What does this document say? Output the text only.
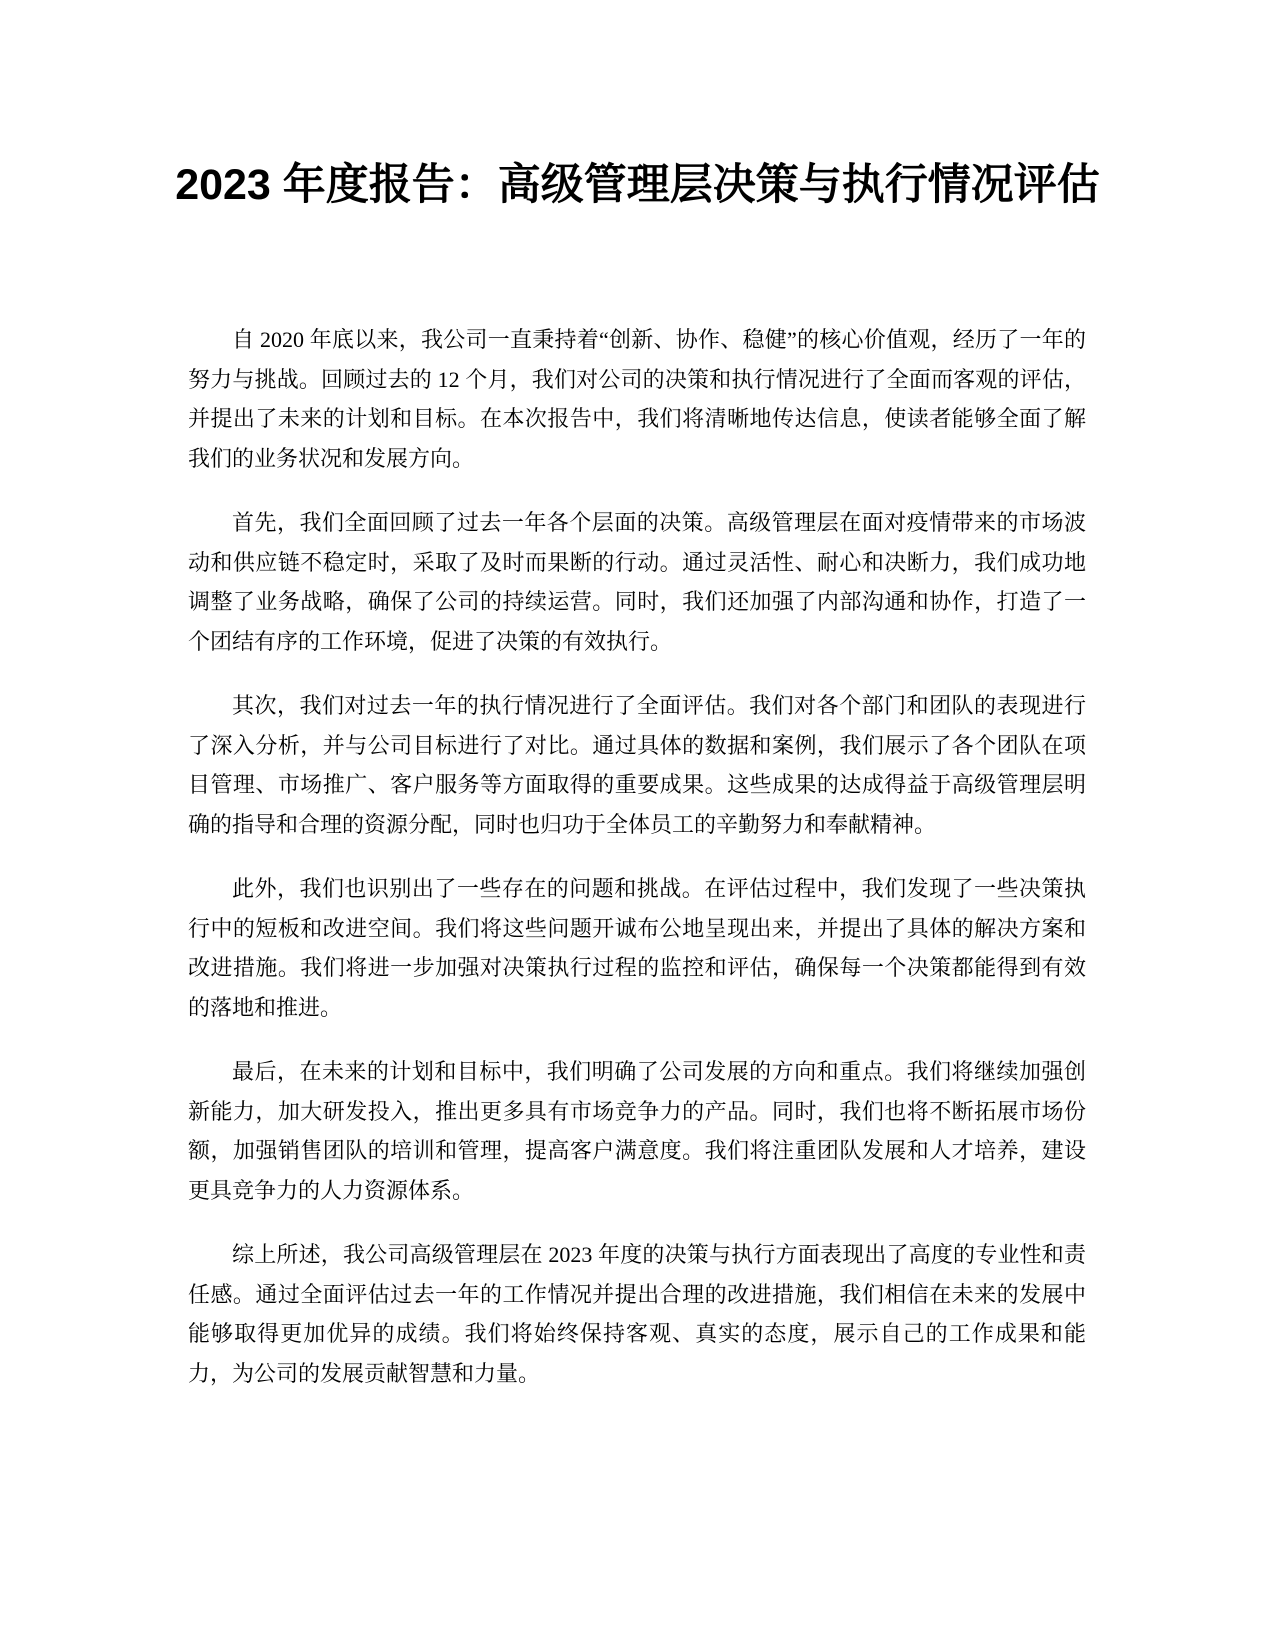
2023 年度报告：高级管理层决策与执行情况评估

自 2020 年底以来，我公司一直秉持着“创新、协作、稳健”的核心价值观，经历了一年的努力与挑战。回顾过去的 12 个月，我们对公司的决策和执行情况进行了全面而客观的评估，并提出了未来的计划和目标。在本次报告中，我们将清晰地传达信息，使读者能够全面了解我们的业务状况和发展方向。

首先，我们全面回顾了过去一年各个层面的决策。高级管理层在面对疫情带来的市场波动和供应链不稳定时，采取了及时而果断的行动。通过灵活性、耐心和决断力，我们成功地调整了业务战略，确保了公司的持续运营。同时，我们还加强了内部沟通和协作，打造了一个团结有序的工作环境，促进了决策的有效执行。

其次，我们对过去一年的执行情况进行了全面评估。我们对各个部门和团队的表现进行了深入分析，并与公司目标进行了对比。通过具体的数据和案例，我们展示了各个团队在项目管理、市场推广、客户服务等方面取得的重要成果。这些成果的达成得益于高级管理层明确的指导和合理的资源分配，同时也归功于全体员工的辛勤努力和奉献精神。

此外，我们也识别出了一些存在的问题和挑战。在评估过程中，我们发现了一些决策执行中的短板和改进空间。我们将这些问题开诚布公地呈现出来，并提出了具体的解决方案和改进措施。我们将进一步加强对决策执行过程的监控和评估，确保每一个决策都能得到有效的落地和推进。

最后，在未来的计划和目标中，我们明确了公司发展的方向和重点。我们将继续加强创新能力，加大研发投入，推出更多具有市场竞争力的产品。同时，我们也将不断拓展市场份额，加强销售团队的培训和管理，提高客户满意度。我们将注重团队发展和人才培养，建设更具竞争力的人力资源体系。

综上所述，我公司高级管理层在 2023 年度的决策与执行方面表现出了高度的专业性和责任感。通过全面评估过去一年的工作情况并提出合理的改进措施，我们相信在未来的发展中能够取得更加优异的成绩。我们将始终保持客观、真实的态度，展示自己的工作成果和能力，为公司的发展贡献智慧和力量。
